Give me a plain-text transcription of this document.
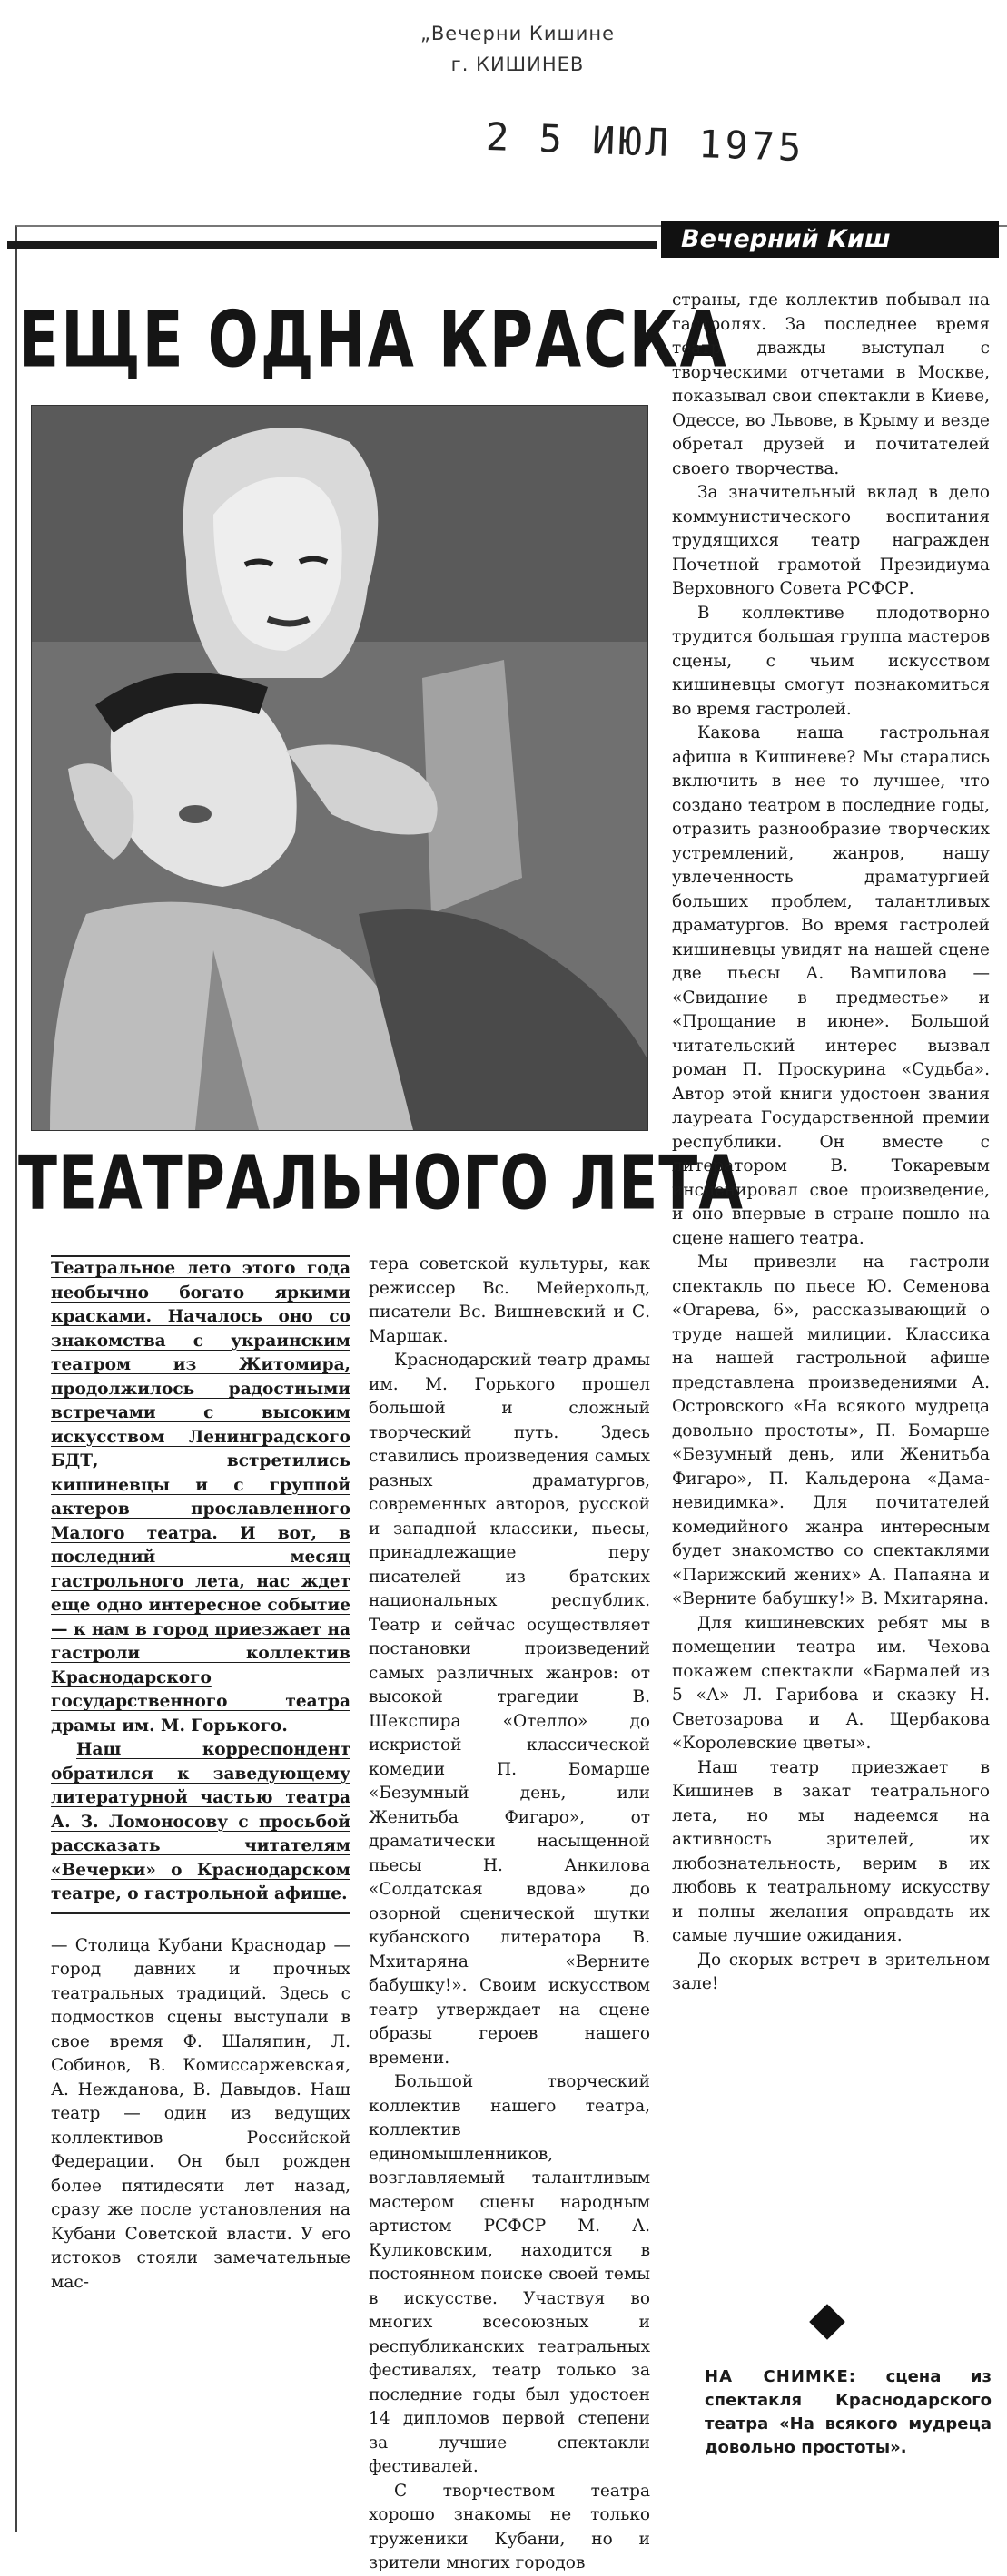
„Вечерни Кишине
г. КИШИНЕВ
2 5 ИЮЛ 1975
Вечерний Киш
ЕЩЕ ОДНА КРАСКА
ТЕАТРАЛЬНОГО ЛЕТА

Театральное лето этого года необычно богато яркими красками. Началось оно со знакомства с украинским театром из Житомира, продолжилось радостными встречами с высоким искусством Ленинградского БДТ, встретились кишиневцы и с группой актеров прославленного Малого театра. И вот, в последний месяц гастрольного лета, нас ждет еще одно интересное событие — к нам в город приезжает на гастроли коллектив Краснодарского государственного театра драмы им. М. Горького.

Наш корреспондент обратился к заведующему литературной частью театра А. З. Ломоносову с просьбой рассказать читателям «Вечерки» о Краснодарском театре, о гастрольной афише.

— Столица Кубани Краснодар — город давних и прочных театральных традиций. Здесь с подмостков сцены выступали в свое время Ф. Шаляпин, Л. Собинов, В. Комиссаржевская, А. Нежданова, В. Давыдов. Наш театр — один из ведущих коллективов Российской Федерации. Он был рожден более пятидесяти лет назад, сразу же после установления на Кубани Советской власти. У его истоков стояли замечательные мас-

тера советской культуры, как режиссер Вс. Мейерхольд, писатели Вс. Вишневский и С. Маршак.

Краснодарский театр драмы им. М. Горького прошел большой и сложный творческий путь. Здесь ставились произведения самых разных драматургов, современных авторов, русской и западной классики, пьесы, принадлежащие перу писателей из братских национальных республик. Театр и сейчас осуществляет постановки произведений самых различных жанров: от высокой трагедии В. Шекспира «Отелло» до искристой классической комедии П. Бомарше «Безумный день, или Женитьба Фигаро», от драматически насыщенной пьесы Н. Анкилова «Солдатская вдова» до озорной сценической шутки кубанского литератора В. Мхитаряна «Верните бабушку!». Своим искусством театр утверждает на сцене образы героев нашего времени.

Большой творческий коллектив нашего театра, коллектив единомышленников, возглавляемый талантливым мастером сцены народным артистом РСФСР М. А. Куликовским, находится в постоянном поиске своей темы в искусстве. Участвуя во многих всесоюзных и республиканских театральных фестивалях, театр только за последние годы был удостоен 14 дипломов первой степени за лучшие спектакли фестивалей.

С творчеством театра хорошо знакомы не только труженики Кубани, но и зрители многих городов

страны, где коллектив побывал на гастролях. За последнее время театр дважды выступал с творческими отчетами в Москве, показывал свои спектакли в Киеве, Одессе, во Львове, в Крыму и везде обретал друзей и почитателей своего творчества.

За значительный вклад в дело коммунистического воспитания трудящихся театр награжден Почетной грамотой Президиума Верховного Совета РСФСР.

В коллективе плодотворно трудится большая группа мастеров сцены, с чьим искусством кишиневцы смогут познакомиться во время гастролей.

Какова наша гастрольная афиша в Кишиневе? Мы старались включить в нее то лучшее, что создано театром в последние годы, отразить разнообразие творческих устремлений, жанров, нашу увлеченность драматургией больших проблем, талантливых драматургов. Во время гастролей кишиневцы увидят на нашей сцене две пьесы А. Вампилова — «Свидание в предместье» и «Прощание в июне». Большой читательский интерес вызвал роман П. Проскурина «Судьба». Автор этой книги удостоен звания лауреата Государственной премии республики. Он вместе с литератором В. Токаревым инсценировал свое произведение, и оно впервые в стране пошло на сцене нашего театра.

Мы привезли на гастроли спектакль по пьесе Ю. Семенова «Огарева, 6», рассказывающий о труде нашей милиции. Классика на нашей гастрольной афише представлена произведениями А. Островского «На всякого мудреца довольно простоты», П. Бомарше «Безумный день, или Женитьба Фигаро», П. Кальдерона «Дама-невидимка». Для почитателей комедийного жанра интересным будет знакомство со спектаклями «Парижский жених» А. Папаяна и «Верните бабушку!» В. Мхитаряна.

Для кишиневских ребят мы в помещении театра им. Чехова покажем спектакли «Бармалей из 5 «А» Л. Гарибова и сказку Н. Светозарова и А. Щербакова «Королевские цветы».

Наш театр приезжает в Кишинев в закат театрального лета, но мы надеемся на активность зрителей, их любознательность, верим в их любовь к театральному искусству и полны желания оправдать их самые лучшие ожидания.

До скорых встреч в зрительном зале!

НА СНИМКЕ: сцена из спектакля Краснодарского театра «На всякого мудреца довольно простоты».
